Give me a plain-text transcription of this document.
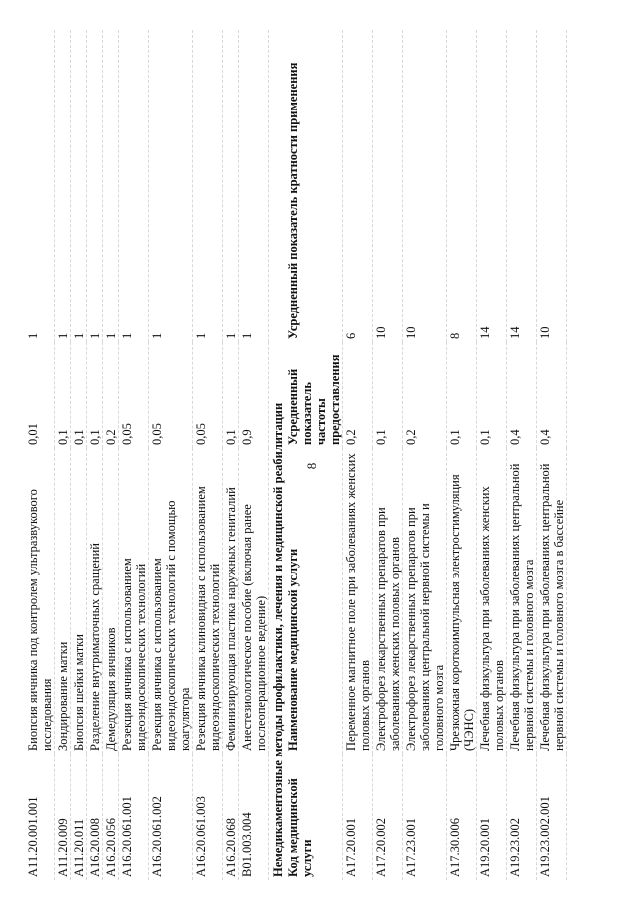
8
A11.20.001.001	Биопсия яичника под контролем ультразвукового исследования	0,01	1
A11.20.009	Зондирование матки	0,1	1
A11.20.011	Биопсия шейки матки	0,1	1
A16.20.008	Разделение внутриматочных сращений	0,1	1
A16.20.056	Демедуляция яичников	0,2	1
A16.20.061.001	Резекция яичника с использованием видеоэндоскопических технологий	0,05	1
A16.20.061.002	Резекция яичника с использованием видеоэндоскопических технологий с помощью коагулятора	0,05	1
A16.20.061.003	Резекция яичника клиновидная с использованием видеоэндоскопических технологий	0,05	1
A16.20.068	Феминизирующая пластика наружных гениталий	0,1	1
B01.003.004	Анестезиологическое пособие (включая ранее послеоперационное ведение)	0,9	1
Немедикаментозные методы профилактики, лечения и медицинской реабилитации			
Код медицинской услуги	Наименование медицинской услуги	Усредненный показатель частоты предоставления	Усредненный показатель кратности применения
A17.20.001	Переменное магнитное поле при заболеваниях женских половых органов	0,2	6
A17.20.002	Электрофорез лекарственных препаратов при заболеваниях женских половых органов	0,1	10
A17.23.001	Электрофорез лекарственных препаратов при заболеваниях центральной нервной системы и головного мозга	0,2	10
A17.30.006	Чрезкожная короткоимпульсная электростимуляция (ЧЭНС)	0,1	8
A19.20.001	Лечебная физкультура при заболеваниях женских половых органов	0,1	14
A19.23.002	Лечебная физкультура при заболеваниях центральной нервной системы и головного мозга	0,4	14
A19.23.002.001	Лечебная физкультура при заболеваниях центральной нервной системы и головного мозга в бассейне	0,4	10
